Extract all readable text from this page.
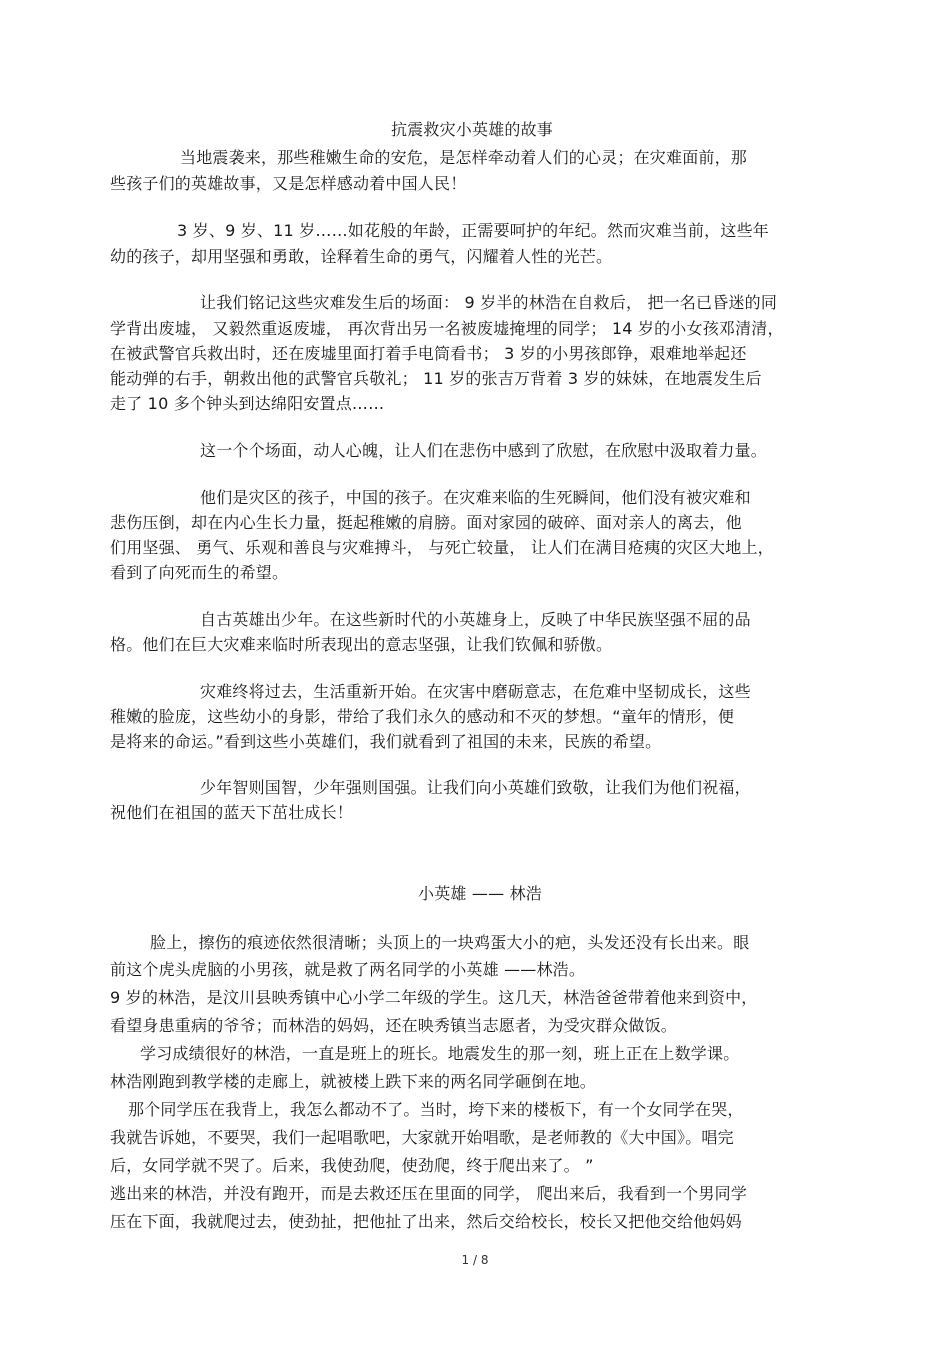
抗震救灾小英雄的故事
当地震袭来，那些稚嫩生命的安危，是怎样牵动着人们的心灵；在灾难面前，那
些孩子们的英雄故事，又是怎样感动着中国人民！
3 岁、9 岁、11 岁……如花般的年龄，正需要呵护的年纪。然而灾难当前，这些年
幼的孩子，却用坚强和勇敢，诠释着生命的勇气，闪耀着人性的光芒。
让我们铭记这些灾难发生后的场面： 9 岁半的林浩在自救后， 把一名已昏迷的同
学背出废墟， 又毅然重返废墟， 再次背出另一名被废墟掩埋的同学； 14 岁的小女孩邓清清，
在被武警官兵救出时，还在废墟里面打着手电筒看书； 3 岁的小男孩郎铮，艰难地举起还
能动弹的右手，朝救出他的武警官兵敬礼； 11 岁的张吉万背着 3 岁的妹妹，在地震发生后
走了 10 多个钟头到达绵阳安置点……
这一个个场面，动人心魄，让人们在悲伤中感到了欣慰，在欣慰中汲取着力量。
他们是灾区的孩子，中国的孩子。在灾难来临的生死瞬间，他们没有被灾难和
悲伤压倒，却在内心生长力量，挺起稚嫩的肩膀。面对家园的破碎、面对亲人的离去，他
们用坚强、 勇气、乐观和善良与灾难搏斗， 与死亡较量， 让人们在满目疮痍的灾区大地上，
看到了向死而生的希望。
自古英雄出少年。在这些新时代的小英雄身上，反映了中华民族坚强不屈的品
格。他们在巨大灾难来临时所表现出的意志坚强，让我们钦佩和骄傲。
灾难终将过去，生活重新开始。在灾害中磨砺意志，在危难中坚韧成长，这些
稚嫩的脸庞，这些幼小的身影，带给了我们永久的感动和不灭的梦想。“童年的情形，便
是将来的命运。”看到这些小英雄们，我们就看到了祖国的未来，民族的希望。
少年智则国智，少年强则国强。让我们向小英雄们致敬，让我们为他们祝福，
祝他们在祖国的蓝天下茁壮成长！
小英雄 —— 林浩
脸上，擦伤的痕迹依然很清晰；头顶上的一块鸡蛋大小的疤，头发还没有长出来。眼
前这个虎头虎脑的小男孩，就是救了两名同学的小英雄 ——林浩。
9 岁的林浩，是汶川县映秀镇中心小学二年级的学生。这几天，林浩爸爸带着他来到资中，
看望身患重病的爷爷；而林浩的妈妈，还在映秀镇当志愿者，为受灾群众做饭。
学习成绩很好的林浩，一直是班上的班长。地震发生的那一刻，班上正在上数学课。
林浩刚跑到教学楼的走廊上，就被楼上跌下来的两名同学砸倒在地。
那个同学压在我背上，我怎么都动不了。当时，垮下来的楼板下，有一个女同学在哭，
我就告诉她，不要哭，我们一起唱歌吧，大家就开始唱歌，是老师教的《大中国》。唱完
后，女同学就不哭了。后来，我使劲爬，使劲爬，终于爬出来了。 ”
逃出来的林浩，并没有跑开，而是去救还压在里面的同学， 爬出来后，我看到一个男同学
压在下面，我就爬过去，使劲扯，把他扯了出来，然后交给校长，校长又把他交给他妈妈
1 / 8
